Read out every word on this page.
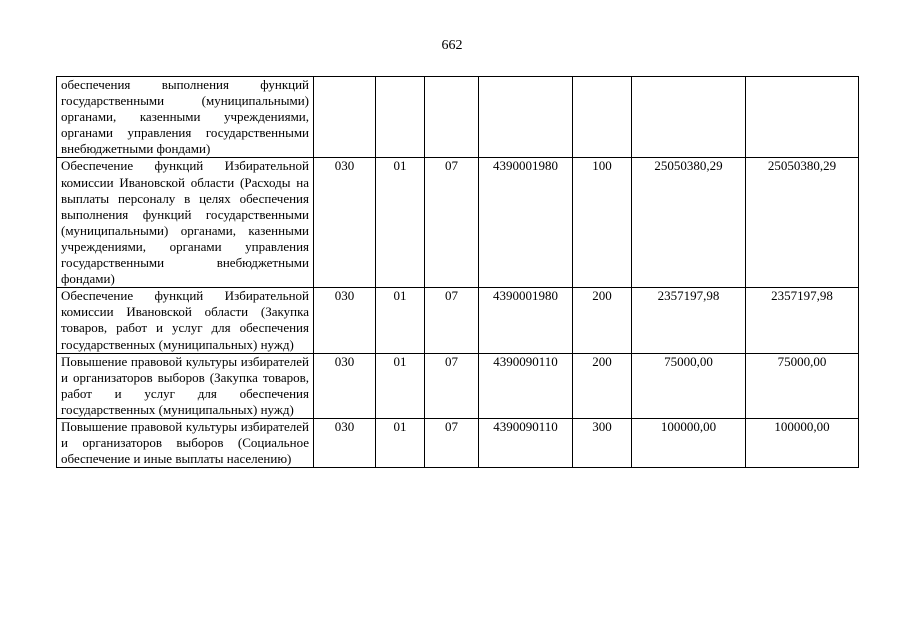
662
обеспечения выполнения функций государственными (муниципальными) органами, казенными учреждениями, органами управления государственными внебюджетными фондами)							
Обеспечение функций Избирательной комиссии Ивановской области (Расходы на выплаты персоналу в целях обеспечения выполнения функций государственными (муниципальными) органами, казенными учреждениями, органами управления государственными внебюджетными фондами)	030	01	07	4390001980	100	25050380,29	25050380,29
Обеспечение функций Избирательной комиссии Ивановской области (Закупка товаров, работ и услуг для обеспечения государственных (муниципальных) нужд)	030	01	07	4390001980	200	2357197,98	2357197,98
Повышение правовой культуры избирателей и организаторов выборов (Закупка товаров, работ и услуг для обеспечения государственных (муниципальных) нужд)	030	01	07	4390090110	200	75000,00	75000,00
Повышение правовой культуры избирателей и организаторов выборов (Социальное обеспечение и иные выплаты населению)	030	01	07	4390090110	300	100000,00	100000,00
